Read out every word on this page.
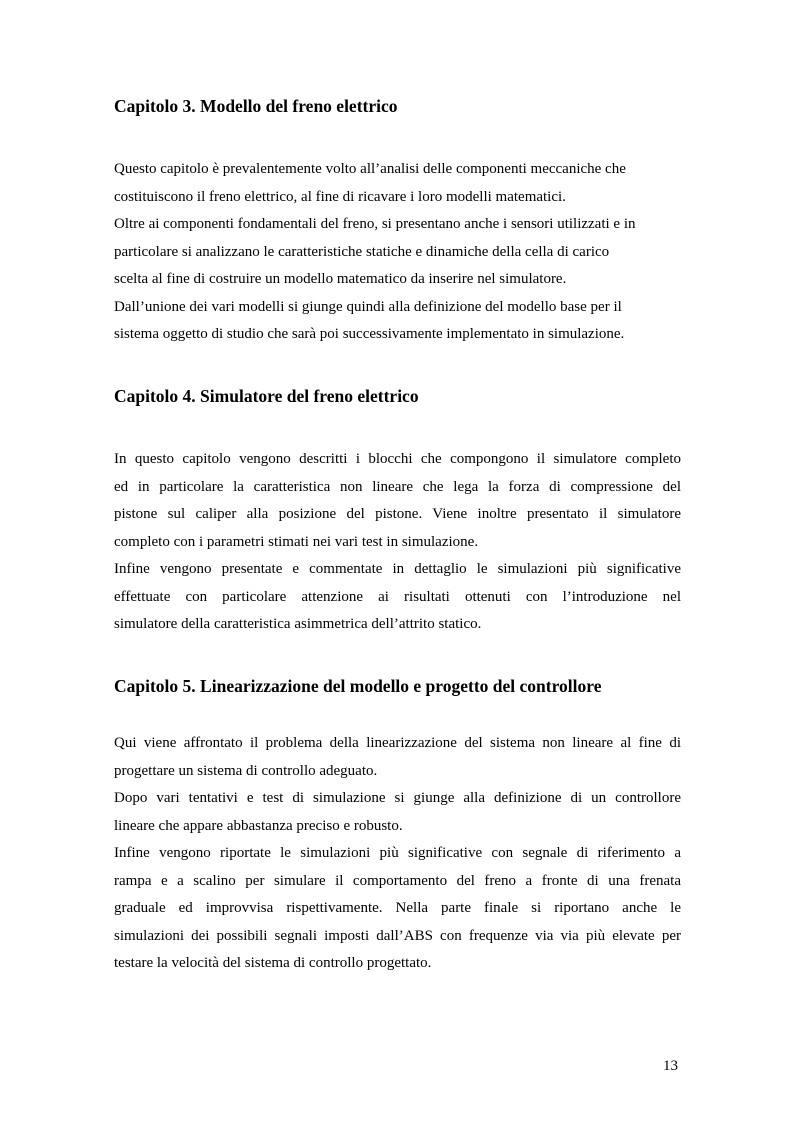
Capitolo 3. Modello del freno elettrico
Questo capitolo è prevalentemente volto all’analisi delle componenti meccaniche che
costituiscono il freno elettrico, al fine di ricavare i loro modelli matematici.
Oltre ai componenti fondamentali del freno, si presentano anche i sensori utilizzati e in
particolare si analizzano le caratteristiche statiche e dinamiche della cella di carico
scelta al fine di costruire un modello matematico da inserire nel simulatore.
Dall’unione dei vari modelli si giunge quindi alla definizione del modello base per il
sistema oggetto di studio che sarà poi successivamente implementato in simulazione.
Capitolo 4. Simulatore del freno elettrico
In questo capitolo vengono descritti i blocchi che compongono il simulatore completo
ed in particolare la caratteristica non lineare che lega la forza di compressione del
pistone sul caliper alla posizione del pistone. Viene inoltre presentato il simulatore
completo con i parametri stimati nei vari test in simulazione.
Infine vengono presentate e commentate in dettaglio le simulazioni più significative
effettuate con particolare attenzione ai risultati ottenuti con l’introduzione nel
simulatore della caratteristica asimmetrica dell’attrito statico.
Capitolo 5. Linearizzazione del modello e progetto del controllore
Qui viene affrontato il problema della linearizzazione del sistema non lineare al fine di
progettare un sistema di controllo adeguato.
Dopo vari tentativi e test di simulazione si giunge alla definizione di un controllore
lineare che appare abbastanza preciso e robusto.
Infine vengono riportate le simulazioni più significative con segnale di riferimento a
rampa e a scalino per simulare il comportamento del freno a fronte di una frenata
graduale ed improvvisa rispettivamente. Nella parte finale si riportano anche le
simulazioni dei possibili segnali imposti dall’ABS con frequenze via via più elevate per
testare la velocità del sistema di controllo progettato.

13
